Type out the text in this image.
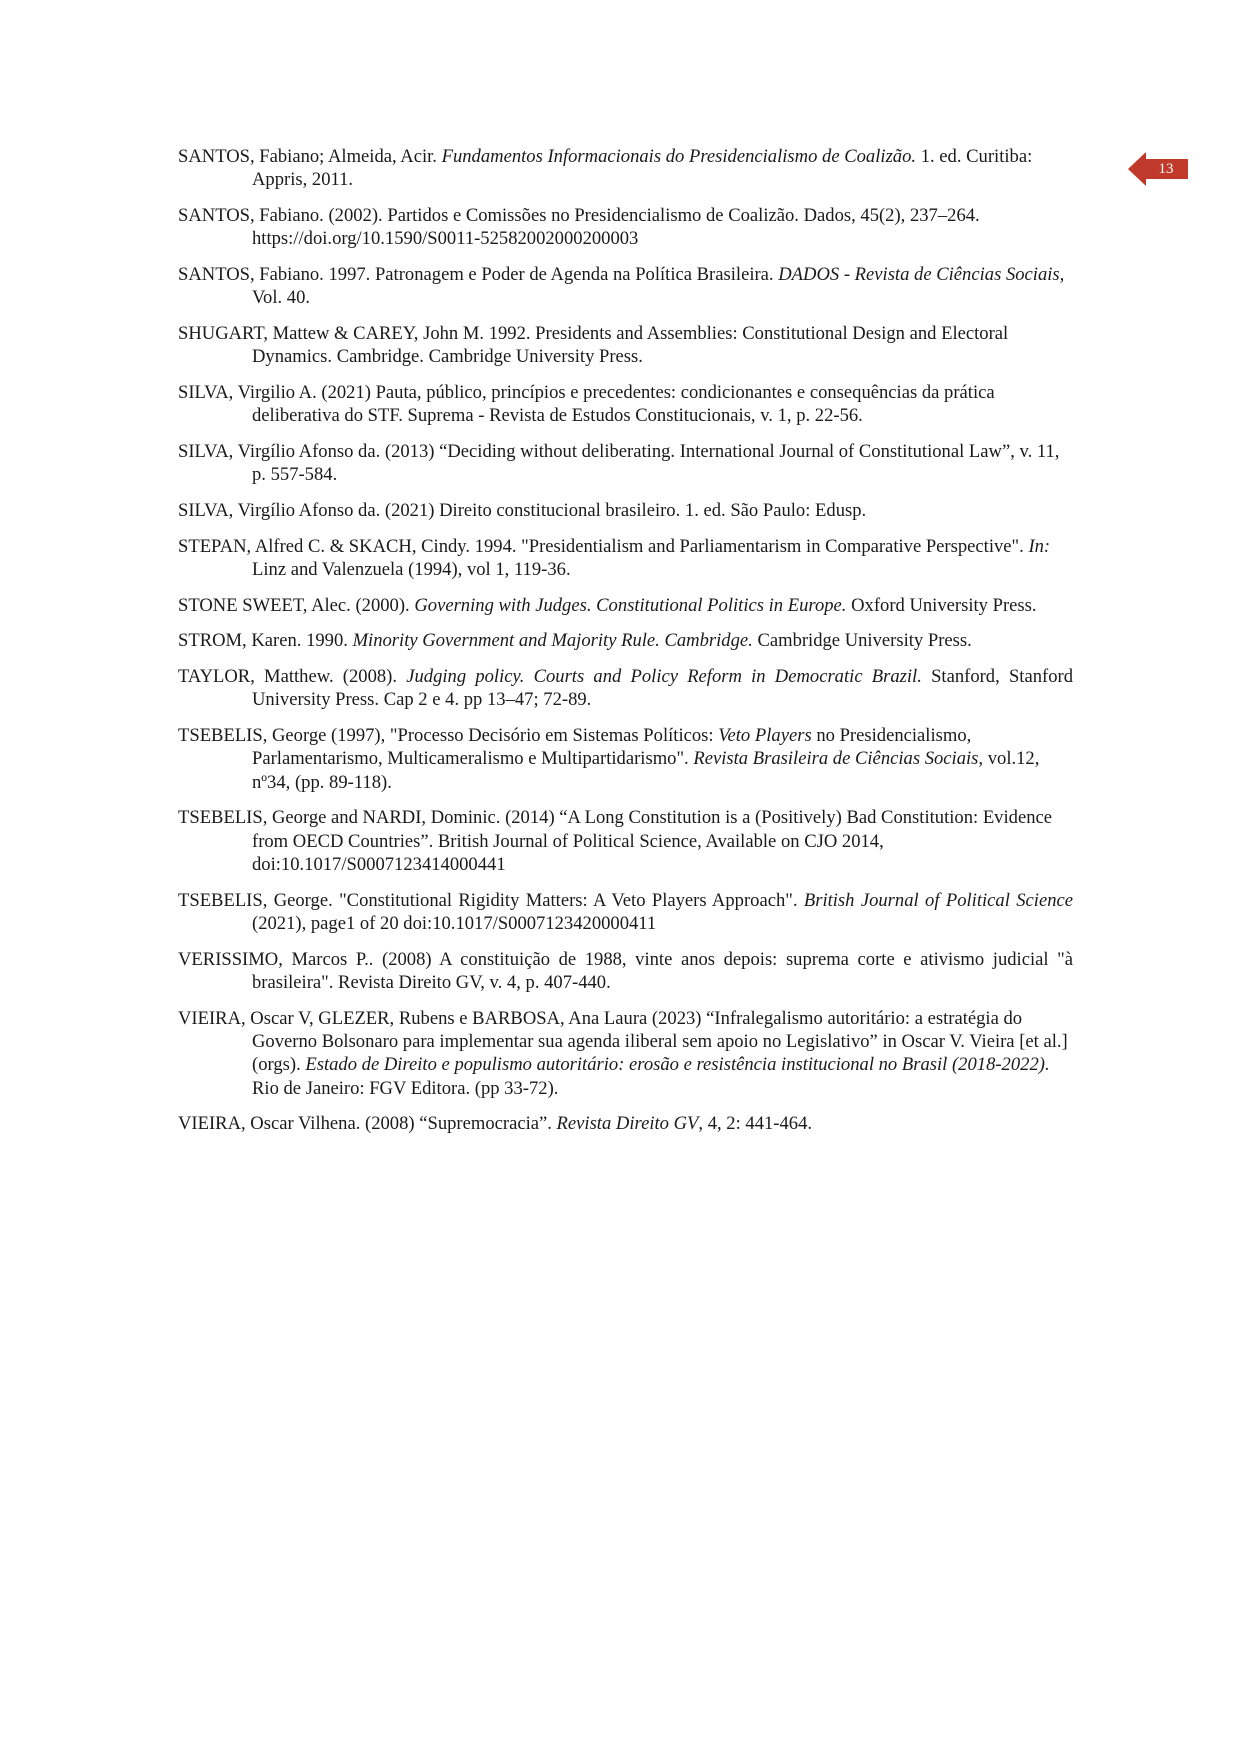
13

SANTOS, Fabiano; Almeida, Acir. Fundamentos Informacionais do Presidencialismo de Coalizão. 1. ed. Curitiba: Appris, 2011.

SANTOS, Fabiano. (2002). Partidos e Comissões no Presidencialismo de Coalizão. Dados, 45(2), 237–264. https://doi.org/10.1590/S0011-52582002000200003

SANTOS, Fabiano. 1997. Patronagem e Poder de Agenda na Política Brasileira. DADOS - Revista de Ciências Sociais, Vol. 40.

SHUGART, Mattew & CAREY, John M. 1992. Presidents and Assemblies: Constitutional Design and Electoral Dynamics. Cambridge. Cambridge University Press.

SILVA, Virgilio A. (2021) Pauta, público, princípios e precedentes: condicionantes e consequências da prática deliberativa do STF. Suprema - Revista de Estudos Constitucionais, v. 1, p. 22-56.

SILVA, Virgílio Afonso da. (2013) “Deciding without deliberating. International Journal of Constitutional Law”, v. 11, p. 557-584.

SILVA, Virgílio Afonso da. (2021) Direito constitucional brasileiro. 1. ed. São Paulo: Edusp.

STEPAN, Alfred C. & SKACH, Cindy. 1994. "Presidentialism and Parliamentarism in Comparative Perspective". In: Linz and Valenzuela (1994), vol 1, 119-36.

STONE SWEET, Alec. (2000). Governing with Judges. Constitutional Politics in Europe. Oxford University Press.

STROM, Karen. 1990. Minority Government and Majority Rule. Cambridge. Cambridge University Press.

TAYLOR, Matthew. (2008). Judging policy. Courts and Policy Reform in Democratic Brazil. Stanford, Stanford University Press. Cap 2 e 4. pp 13–47; 72-89.

TSEBELIS, George (1997), "Processo Decisório em Sistemas Políticos: Veto Players no Presidencialismo, Parlamentarismo, Multicameralismo e Multipartidarismo". Revista Brasileira de Ciências Sociais, vol.12, nº34, (pp. 89-118).

TSEBELIS, George and NARDI, Dominic. (2014) “A Long Constitution is a (Positively) Bad Constitution: Evidence from OECD Countries”. British Journal of Political Science, Available on CJO 2014, doi:10.1017/S0007123414000441

TSEBELIS, George. "Constitutional Rigidity Matters: A Veto Players Approach". British Journal of Political Science (2021), page1 of 20 doi:10.1017/S0007123420000411

VERISSIMO, Marcos P.. (2008) A constituição de 1988, vinte anos depois: suprema corte e ativismo judicial "à brasileira". Revista Direito GV, v. 4, p. 407-440.

VIEIRA, Oscar V, GLEZER, Rubens e BARBOSA, Ana Laura (2023) “Infralegalismo autoritário: a estratégia do Governo Bolsonaro para implementar sua agenda iliberal sem apoio no Legislativo” in Oscar V. Vieira [et al.] (orgs). Estado de Direito e populismo autoritário: erosão e resistência institucional no Brasil (2018-2022). Rio de Janeiro: FGV Editora. (pp 33-72).

VIEIRA, Oscar Vilhena. (2008) “Supremocracia”. Revista Direito GV, 4, 2: 441-464.
